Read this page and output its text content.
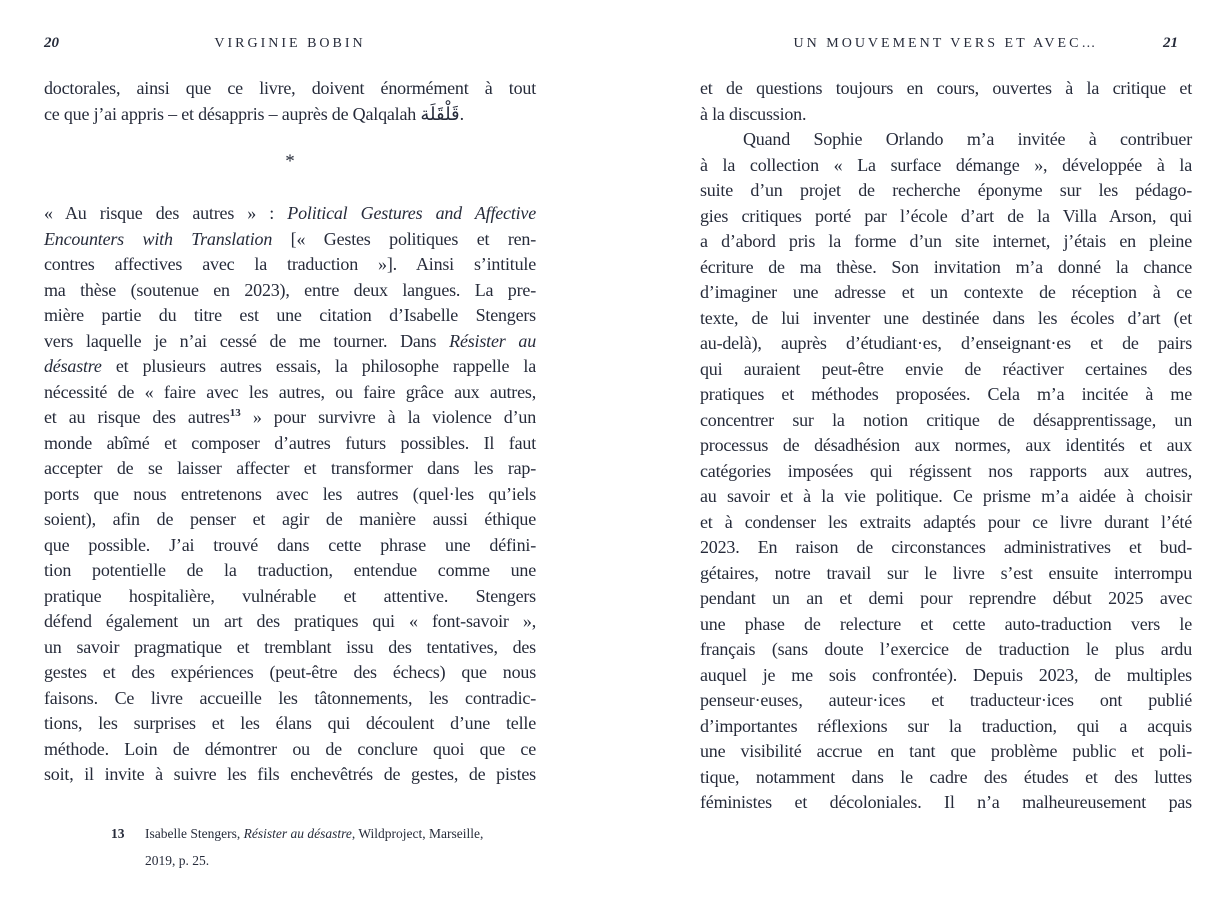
20	VIRGINIE BOBIN
doctorales, ainsi que ce livre, doivent énormément à tout
ce que j’ai appris – et désappris – auprès de Qalqalah قَلْقَلَة.
*
« Au risque des autres » : Political Gestures and Affective
Encounters with Translation [« Gestes politiques et ren-
contres affectives avec la traduction »]. Ainsi s’intitule
ma thèse (soutenue en 2023), entre deux langues. La pre-
mière partie du titre est une citation d’Isabelle Stengers
vers laquelle je n’ai cessé de me tourner. Dans Résister au
désastre et plusieurs autres essais, la philosophe rappelle la
nécessité de « faire avec les autres, ou faire grâce aux autres,
et au risque des autres$^{13}$ » pour survivre à la violence d’un
monde abîmé et composer d’autres futurs possibles. Il faut
accepter de se laisser affecter et transformer dans les rap-
ports que nous entretenons avec les autres (quel·les qu’iels
soient), afin de penser et agir de manière aussi éthique
que possible. J’ai trouvé dans cette phrase une défini-
tion potentielle de la traduction, entendue comme une
pratique hospitalière, vulnérable et attentive. Stengers
défend également un art des pratiques qui « font-savoir »,
un savoir pragmatique et tremblant issu des tentatives, des
gestes et des expériences (peut-être des échecs) que nous
faisons. Ce livre accueille les tâtonnements, les contradic-
tions, les surprises et les élans qui découlent d’une telle
méthode. Loin de démontrer ou de conclure quoi que ce
soit, il invite à suivre les fils enchevêtrés de gestes, de pistes
13 Isabelle Stengers, Résister au désastre, Wildproject, Marseille,
2019, p. 25.
UN MOUVEMENT VERS ET AVEC…	21
et de questions toujours en cours, ouvertes à la critique et
à la discussion.
Quand Sophie Orlando m’a invitée à contribuer
à la collection « La surface démange », développée à la
suite d’un projet de recherche éponyme sur les pédago-
gies critiques porté par l’école d’art de la Villa Arson, qui
a d’abord pris la forme d’un site internet, j’étais en pleine
écriture de ma thèse. Son invitation m’a donné la chance
d’imaginer une adresse et un contexte de réception à ce
texte, de lui inventer une destinée dans les écoles d’art (et
au-delà), auprès d’étudiant·es, d’enseignant·es et de pairs
qui auraient peut-être envie de réactiver certaines des
pratiques et méthodes proposées. Cela m’a incitée à me
concentrer sur la notion critique de désapprentissage, un
processus de désadhésion aux normes, aux identités et aux
catégories imposées qui régissent nos rapports aux autres,
au savoir et à la vie politique. Ce prisme m’a aidée à choisir
et à condenser les extraits adaptés pour ce livre durant l’été
2023. En raison de circonstances administratives et bud-
gétaires, notre travail sur le livre s’est ensuite interrompu
pendant un an et demi pour reprendre début 2025 avec
une phase de relecture et cette auto-traduction vers le
français (sans doute l’exercice de traduction le plus ardu
auquel je me sois confrontée). Depuis 2023, de multiples
penseur·euses, auteur·ices et traducteur·ices ont publié
d’importantes réflexions sur la traduction, qui a acquis
une visibilité accrue en tant que problème public et poli-
tique, notamment dans le cadre des études et des luttes
féministes et décoloniales. Il n’a malheureusement pas
